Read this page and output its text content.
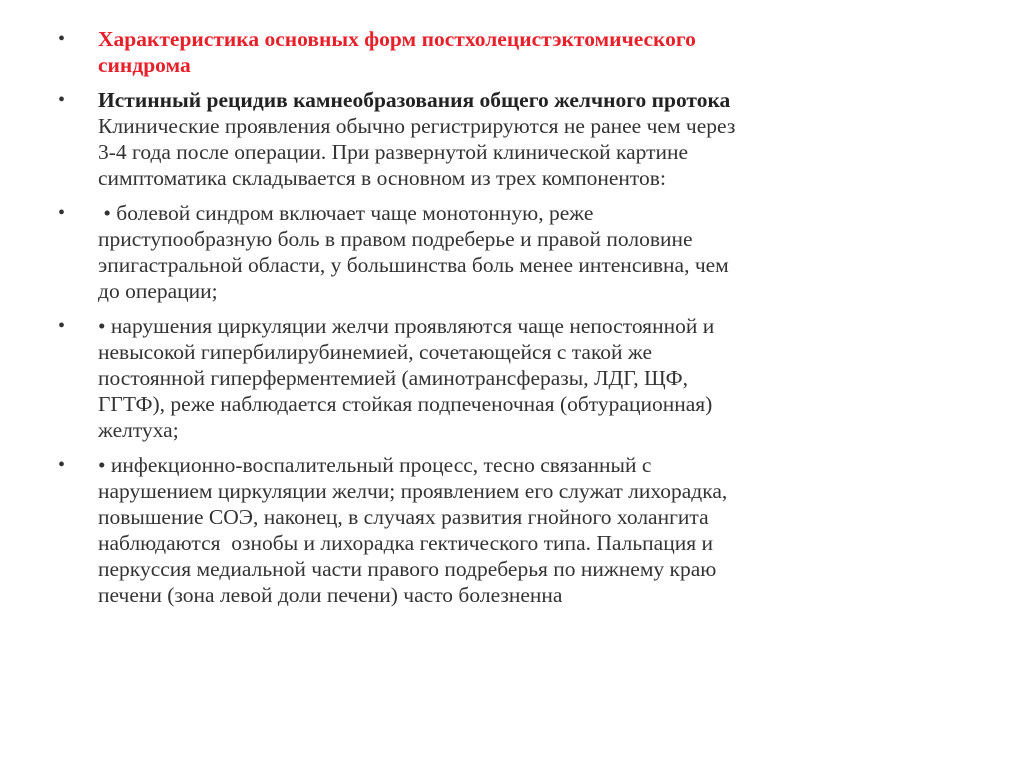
•	Характеристика основных форм постхолецистэктомического
синдрома
•	Истинный рецидив камнеобразования общего желчного протока
Клинические проявления обычно регистрируются не ранее чем через
3-4 года после операции. При развернутой клинической картине
симптоматика складывается в основном из трех компонентов:
•	• болевой синдром включает чаще монотонную, реже
приступообразную боль в правом подреберье и правой половине
эпигастральной области, у большинства боль менее интенсивна, чем
до операции;
•	• нарушения циркуляции желчи проявляются чаще непостоянной и
невысокой гипербилирубинемией, сочетающейся с такой же
постоянной гиперферментемией (аминотрансферазы, ЛДГ, ЩФ,
ГГТФ), реже наблюдается стойкая подпеченочная (обтурационная)
желтуха;
•	• инфекционно-воспалительный процесс, тесно связанный с
нарушением циркуляции желчи; проявлением его служат лихорадка,
повышение СОЭ, наконец, в случаях развития гнойного холангита
наблюдаются  ознобы и лихорадка гектического типа. Пальпация и
перкуссия медиальной части правого подреберья по нижнему краю
печени (зона левой доли печени) часто болезненна
